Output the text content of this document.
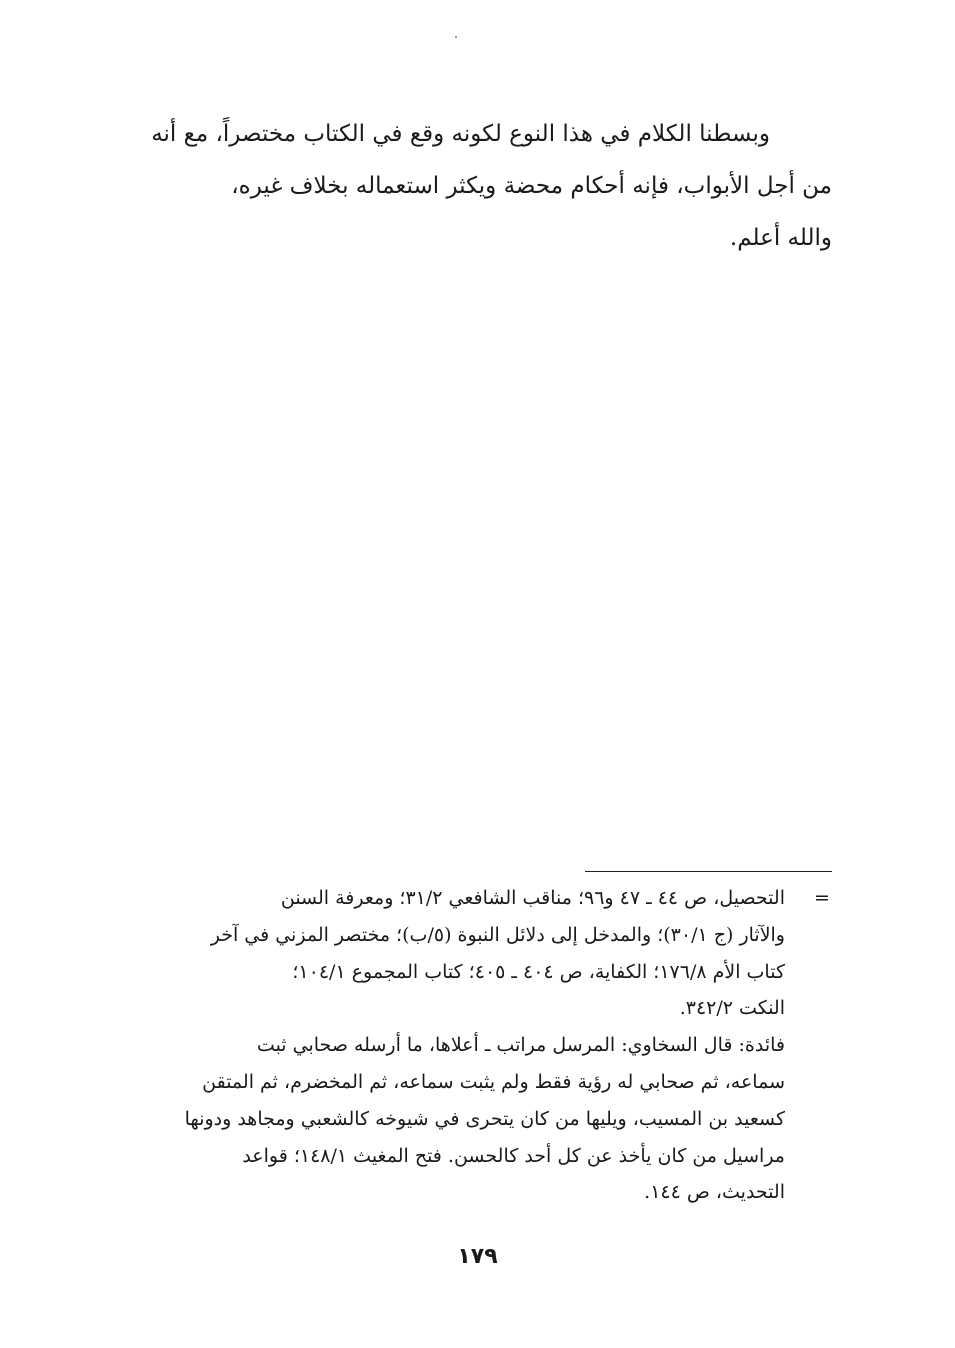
وبسطنا الكلام في هذا النوع لكونه وقع في الكتاب مختصراً، مع أنه
من أجل الأبواب، فإنه أحكام محضة ويكثر استعماله بخلاف غيره،
والله أعلم.
=
التحصيل، ص ٤٤ ـ ٤٧ و٩٦؛ مناقب الشافعي ٣١/٢؛ ومعرفة السنن
والآثار (ج ٣٠/١)؛ والمدخل إلى دلائل النبوة (٥/ب)؛ مختصر المزني في آخر
كتاب الأم ١٧٦/٨؛ الكفاية، ص ٤٠٤ ـ ٤٠٥؛ كتاب المجموع ١٠٤/١؛
النكت ٣٤٢/٢.
فائدة: قال السخاوي: المرسل مراتب ـ أعلاها، ما أرسله صحابي ثبت
سماعه، ثم صحابي له رؤية فقط ولم يثبت سماعه، ثم المخضرم، ثم المتقن
كسعيد بن المسيب، ويليها من كان يتحرى في شيوخه كالشعبي ومجاهد ودونها
مراسيل من كان يأخذ عن كل أحد كالحسن. فتح المغيث ١٤٨/١؛ قواعد
التحديث، ص ١٤٤.
١٧٩
